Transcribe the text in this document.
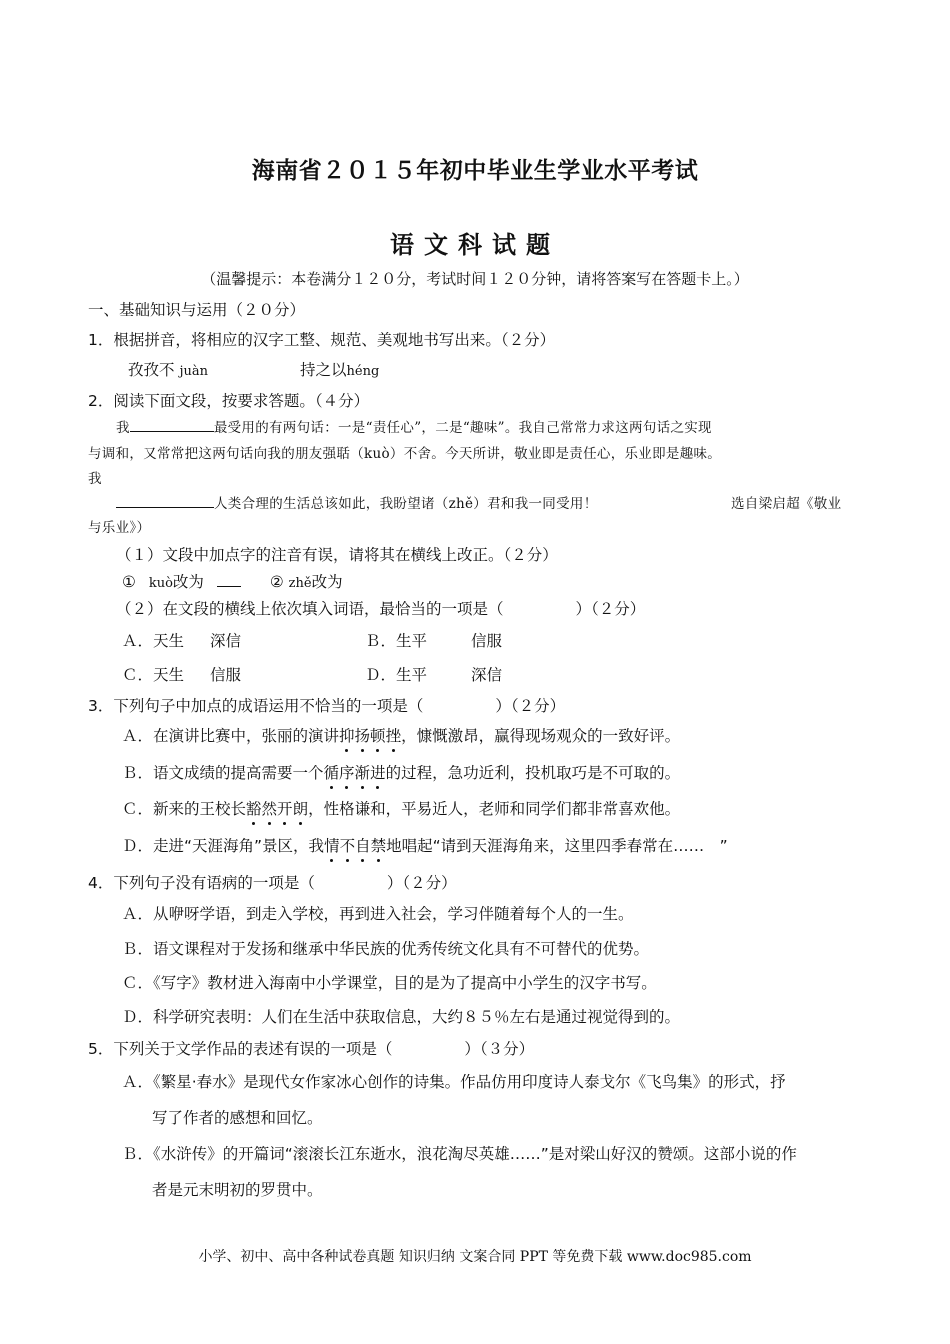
海南省２０１５年初中毕业生学业水平考试
语文科试题
（温馨提示：本卷满分１２０分，考试时间１２０分钟，请将答案写在答题卡上。）
一、基础知识与运用（２０分）
1．根据拼音，将相应的汉字工整、规范、美观地书写出来。（２分）
孜孜不 juàn	持之以héng
2．阅读下面文段，按要求答题。（４分）
我	最受用的有两句话：一是“责任心”，二是“趣味”。我自己常常力求这两句话之实现
与调和，又常常把这两句话向我的朋友强聒（kuò）不舍。今天所讲，敬业即是责任心，乐业即是趣味。
我
人类合理的生活总该如此，我盼望诸（zhě）君和我一同受用！	选自梁启超《敬业
与乐业》）
（１）文段中加点字的注音有误，请将其在横线上改正。（２分）
① kuò改为	② zhě改为
（２）在文段的横线上依次填入词语，最恰当的一项是（	）（２分）
Ａ．天生 深信	Ｂ．生平	信服
Ｃ．天生 信服	Ｄ．生平	深信
3．下列句子中加点的成语运用不恰当的一项是（	）（２分）
Ａ．在演讲比赛中，张丽的演讲抑扬顿挫，慷慨激昂，赢得现场观众的一致好评。
Ｂ．语文成绩的提高需要一个循序渐进的过程，急功近利，投机取巧是不可取的。
Ｃ．新来的王校长豁然开朗，性格谦和，平易近人，老师和同学们都非常喜欢他。
Ｄ．走进“天涯海角”景区，我情不自禁地唱起“请到天涯海角来，这里四季春常在……　”
4．下列句子没有语病的一项是（	）（２分）
Ａ．从咿呀学语，到走入学校，再到进入社会，学习伴随着每个人的一生。
Ｂ．语文课程对于发扬和继承中华民族的优秀传统文化具有不可替代的优势。
Ｃ．《写字》教材进入海南中小学课堂，目的是为了提高中小学生的汉字书写。
Ｄ．科学研究表明：人们在生活中获取信息，大约８５％左右是通过视觉得到的。
5．下列关于文学作品的表述有误的一项是（	）（３分）
Ａ．《繁星·春水》是现代女作家冰心创作的诗集。作品仿用印度诗人泰戈尔《飞鸟集》的形式，抒
写了作者的感想和回忆。
Ｂ．《水浒传》的开篇词“滚滚长江东逝水，浪花淘尽英雄……”是对梁山好汉的赞颂。这部小说的作
者是元末明初的罗贯中。
小学、初中、高中各种试卷真题 知识归纳 文案合同 PPT 等免费下载 www.doc985.com
